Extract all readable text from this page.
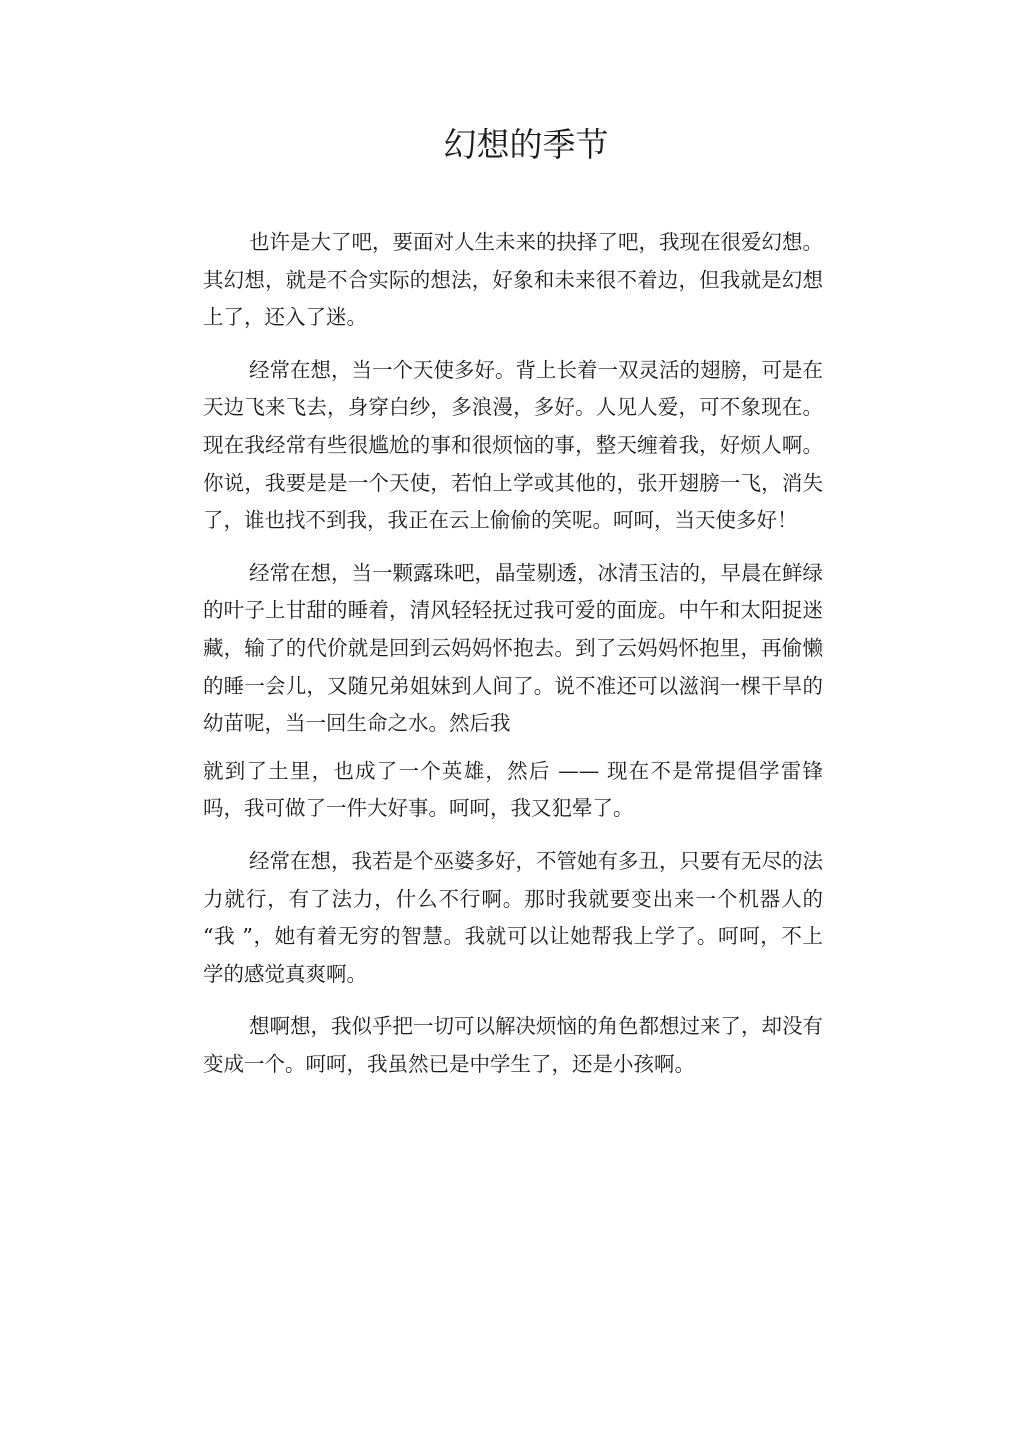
幻想的季节

也许是大了吧，要面对人生未来的抉择了吧，我现在很爱幻想。其幻想，就是不合实际的想法，好象和未来很不着边，但我就是幻想上了，还入了迷。

经常在想，当一个天使多好。背上长着一双灵活的翅膀，可是在天边飞来飞去，身穿白纱，多浪漫，多好。人见人爱，可不象现在。现在我经常有些很尴尬的事和很烦恼的事，整天缠着我，好烦人啊。你说，我要是是一个天使，若怕上学或其他的，张开翅膀一飞，消失了，谁也找不到我，我正在云上偷偷的笑呢。呵呵，当天使多好！

经常在想，当一颗露珠吧，晶莹剔透，冰清玉洁的，早晨在鲜绿的叶子上甘甜的睡着，清风轻轻抚过我可爱的面庞。中午和太阳捉迷藏，输了的代价就是回到云妈妈怀抱去。到了云妈妈怀抱里，再偷懒的睡一会儿，又随兄弟姐妹到人间了。说不准还可以滋润一棵干旱的幼苗呢，当一回生命之水。然后我

就到了土里，也成了一个英雄，然后 —— 现在不是常提倡学雷锋吗，我可做了一件大好事。呵呵，我又犯晕了。

经常在想，我若是个巫婆多好，不管她有多丑，只要有无尽的法力就行，有了法力，什么不行啊。那时我就要变出来一个机器人的 “我 ”，她有着无穷的智慧。我就可以让她帮我上学了。呵呵，不上学的感觉真爽啊。

想啊想，我似乎把一切可以解决烦恼的角色都想过来了，却没有变成一个。呵呵，我虽然已是中学生了，还是小孩啊。
